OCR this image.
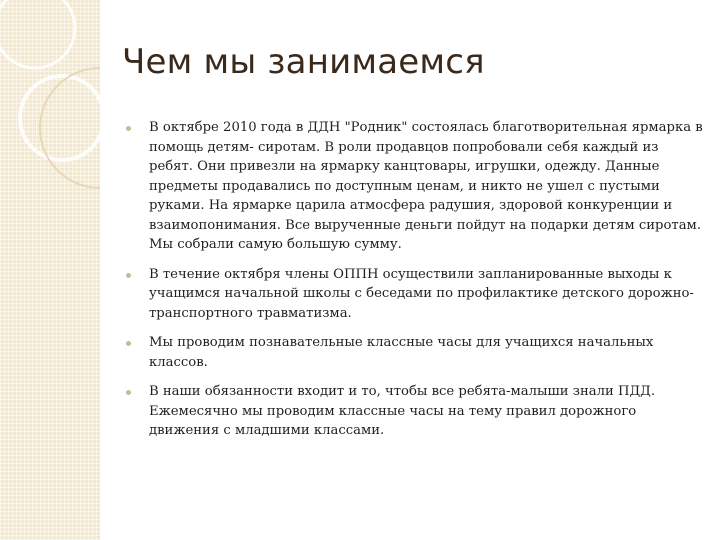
Чем мы занимаемся
В октябре 2010 года в ДДН "Родник" состоялась благотворительная ярмарка в помощь детям- сиротам. В роли продавцов попробовали себя каждый из ребят. Они привезли на ярмарку канцтовары, игрушки, одежду. Данные предметы продавались по доступным ценам, и никто не ушел с пустыми руками. На ярмарке царила атмосфера радушия, здоровой конкуренции и взаимопонимания. Все вырученные деньги пойдут на подарки детям сиротам. Мы собрали самую большую сумму.
В течение октября члены ОППН осуществили запланированные выходы к учащимся начальной школы с беседами по профилактике детского дорожно-транспортного травматизма.
Мы проводим познавательные классные часы для учащихся начальных классов.
В наши обязанности входит и то, чтобы все ребята-малыши знали ПДД. Ежемесячно мы проводим классные часы на тему правил дорожного движения с младшими классами.
